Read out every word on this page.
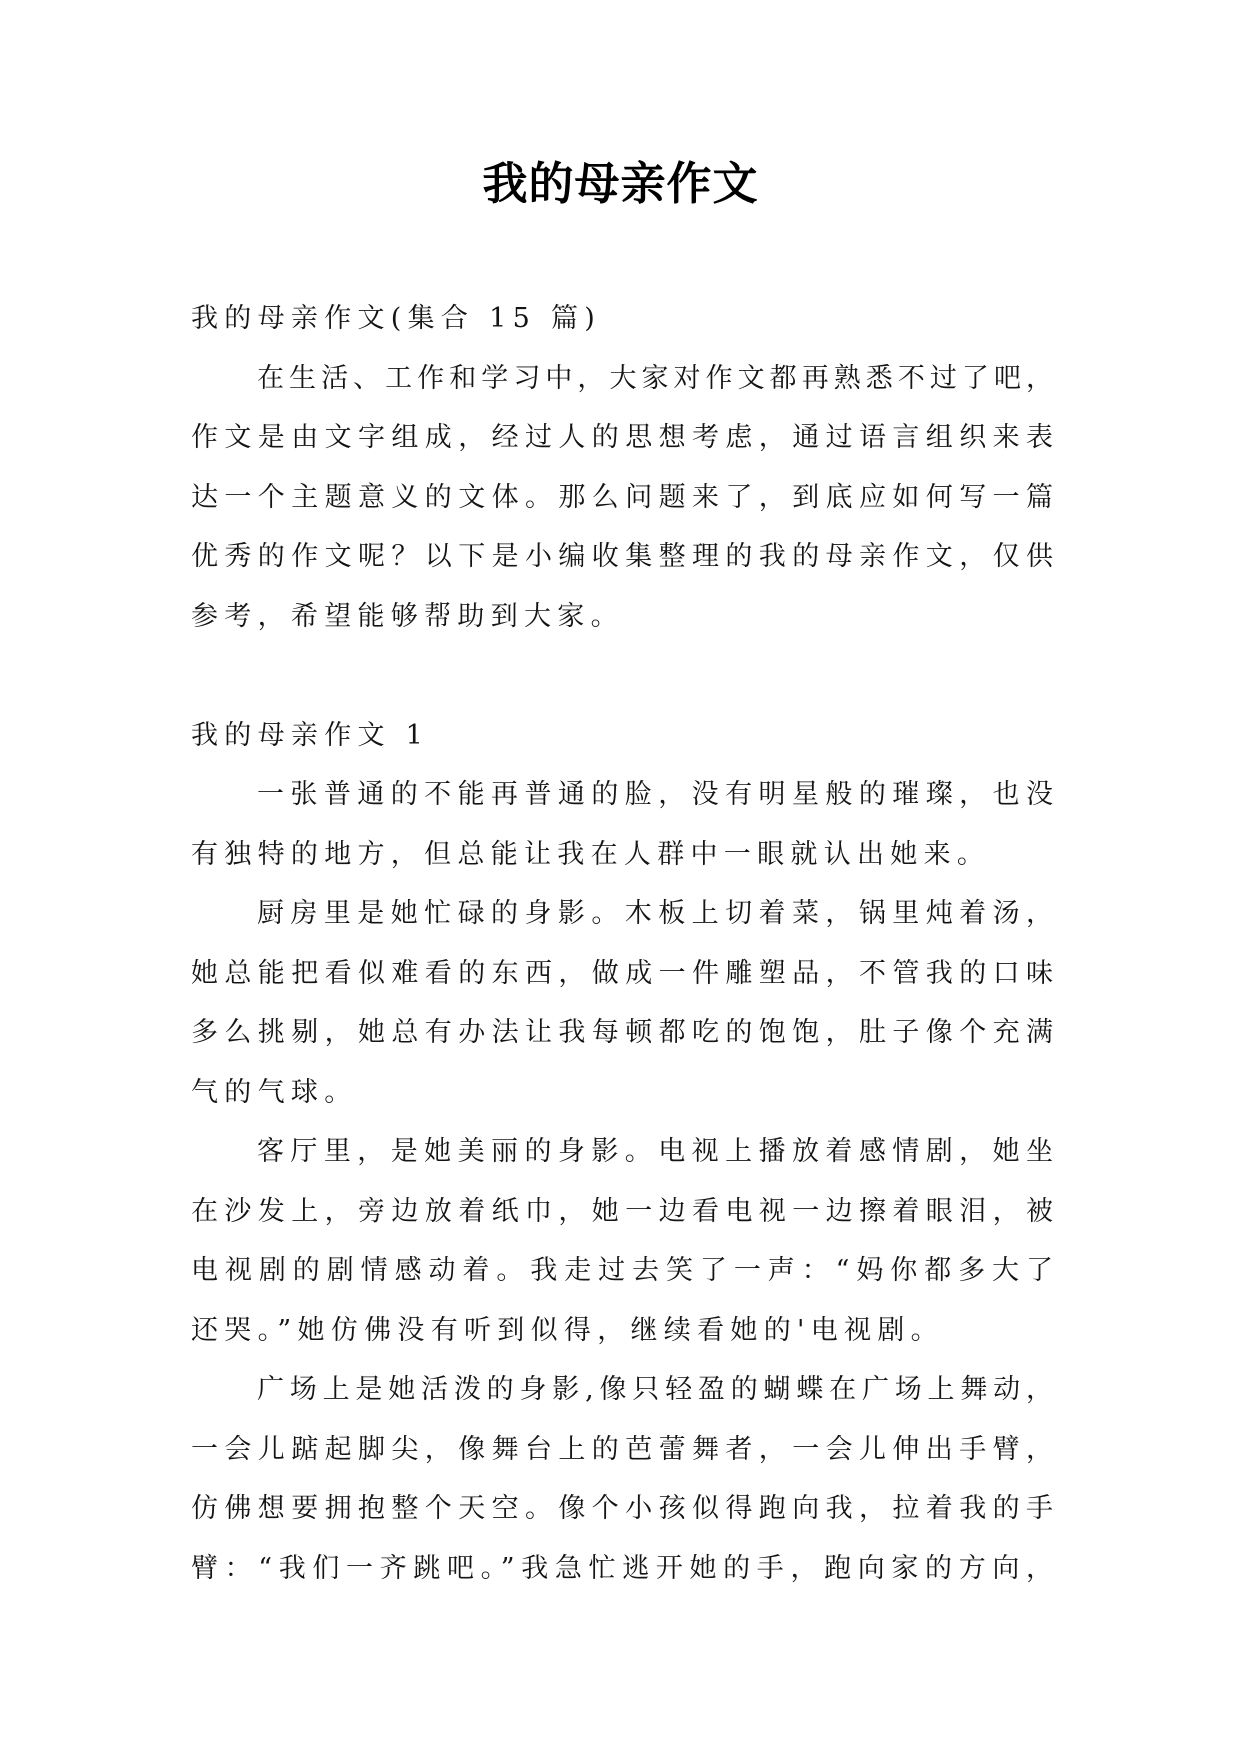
我的母亲作文
我的母亲作文(集合 15 篇)
在生活、工作和学习中，大家对作文都再熟悉不过了吧，
作文是由文字组成，经过人的思想考虑，通过语言组织来表
达一个主题意义的文体。那么问题来了，到底应如何写一篇
优秀的作文呢？以下是小编收集整理的我的母亲作文，仅供
参考，希望能够帮助到大家。
我的母亲作文 1
一张普通的不能再普通的脸，没有明星般的璀璨，也没
有独特的地方，但总能让我在人群中一眼就认出她来。
厨房里是她忙碌的身影。木板上切着菜，锅里炖着汤，
她总能把看似难看的东西，做成一件雕塑品，不管我的口味
多么挑剔，她总有办法让我每顿都吃的饱饱，肚子像个充满
气的气球。
客厅里，是她美丽的身影。电视上播放着感情剧，她坐
在沙发上，旁边放着纸巾，她一边看电视一边擦着眼泪，被
电视剧的剧情感动着。我走过去笑了一声：“妈你都多大了
还哭。”她仿佛没有听到似得，继续看她的'电视剧。
广场上是她活泼的身影,像只轻盈的蝴蝶在广场上舞动，
一会儿踮起脚尖，像舞台上的芭蕾舞者，一会儿伸出手臂，
仿佛想要拥抱整个天空。像个小孩似得跑向我，拉着我的手
臂：“我们一齐跳吧。”我急忙逃开她的手，跑向家的方向，
